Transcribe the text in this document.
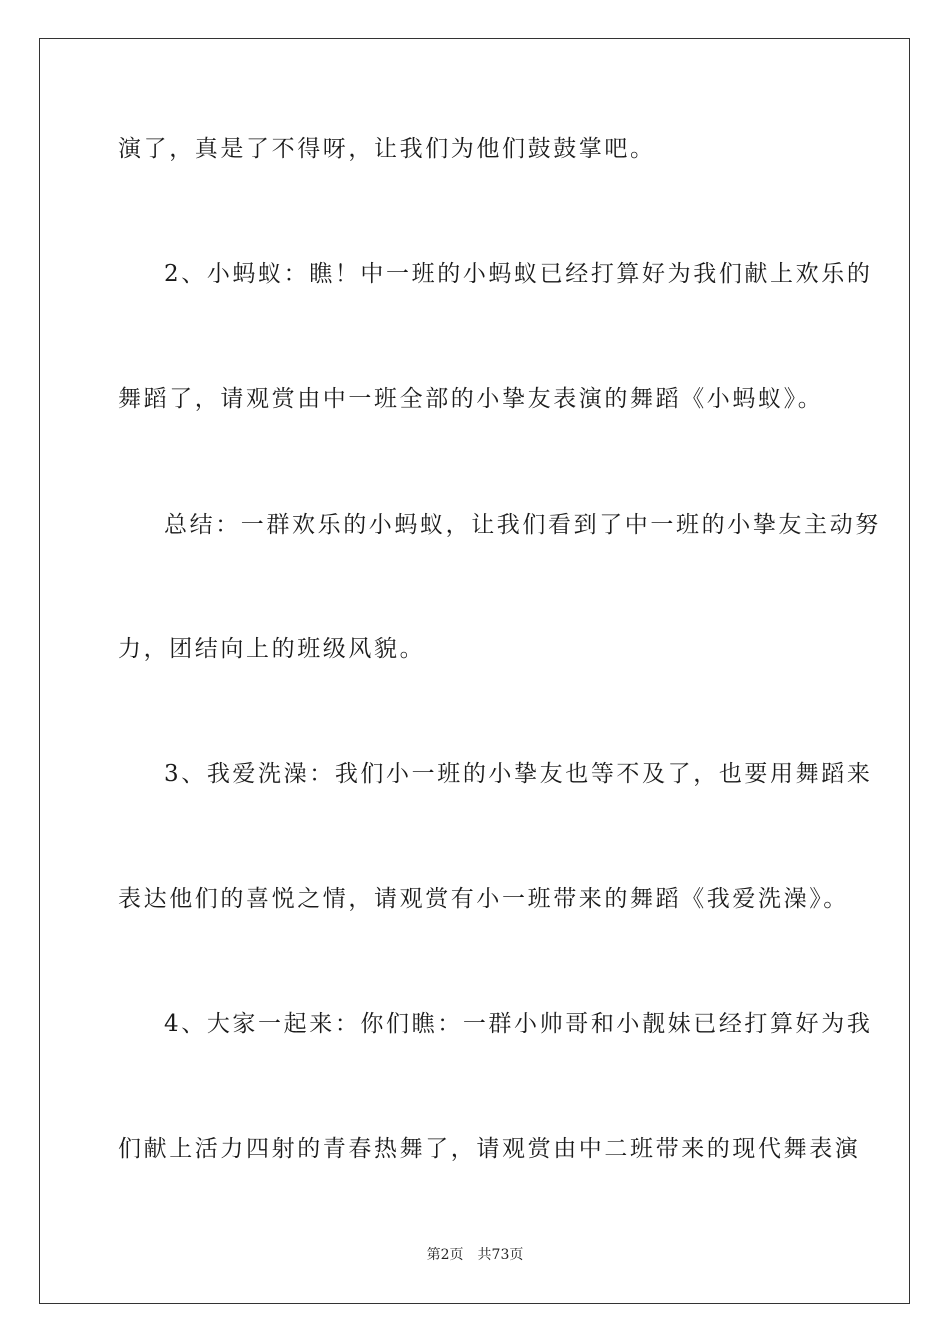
演了，真是了不得呀，让我们为他们鼓鼓掌吧。
2、小蚂蚁：瞧！中一班的小蚂蚁已经打算好为我们献上欢乐的
舞蹈了，请观赏由中一班全部的小挚友表演的舞蹈《小蚂蚁》。
总结：一群欢乐的小蚂蚁，让我们看到了中一班的小挚友主动努
力，团结向上的班级风貌。
3、我爱洗澡：我们小一班的小挚友也等不及了，也要用舞蹈来
表达他们的喜悦之情，请观赏有小一班带来的舞蹈《我爱洗澡》。
4、大家一起来：你们瞧：一群小帅哥和小靓妹已经打算好为我
们献上活力四射的青春热舞了，请观赏由中二班带来的现代舞表演
第2页 共73页
